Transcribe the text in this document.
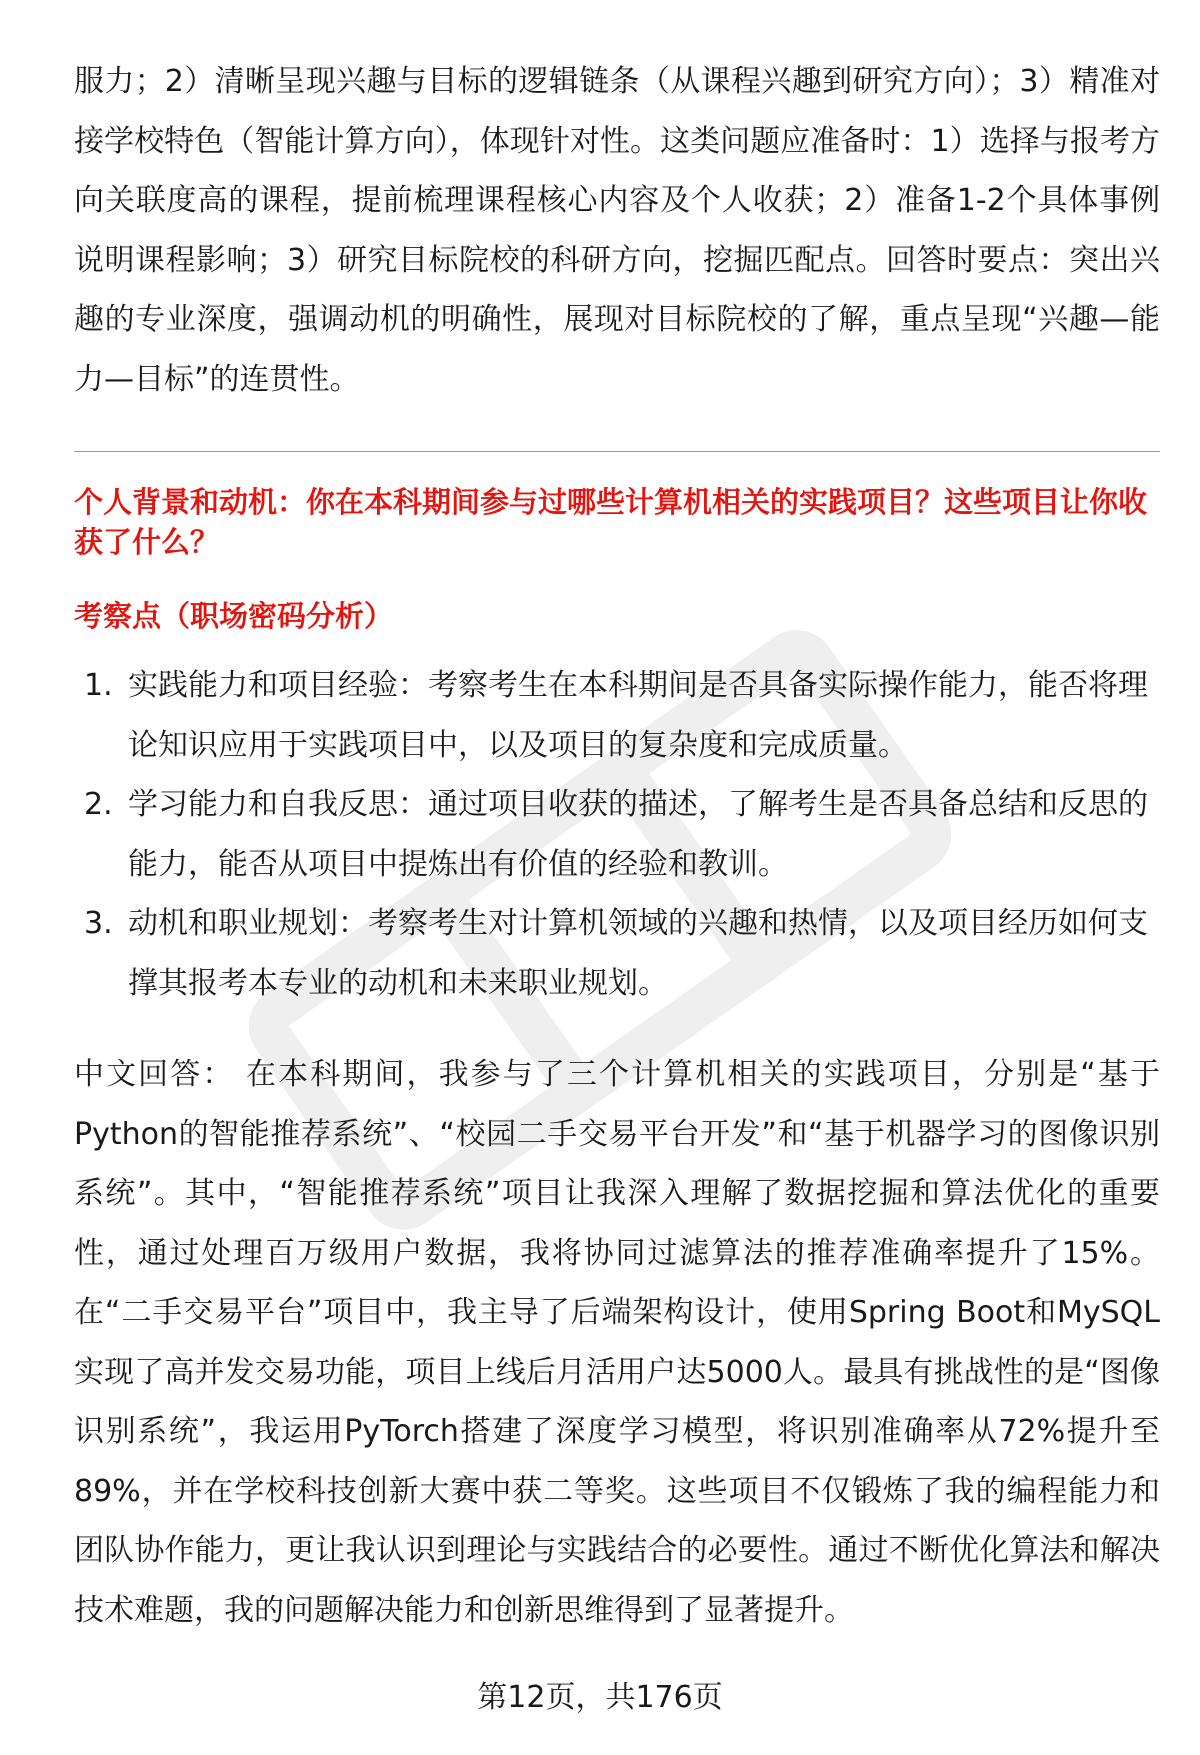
服力；2）清晰呈现兴趣与目标的逻辑链条（从课程兴趣到研究方向）；3）精准对接学校特色（智能计算方向），体现针对性。这类问题应准备时：1）选择与报考方向关联度高的课程，提前梳理课程核心内容及个人收获；2）准备1-2个具体事例说明课程影响；3）研究目标院校的科研方向，挖掘匹配点。回答时要点：突出兴趣的专业深度，强调动机的明确性，展现对目标院校的了解，重点呈现“兴趣—能力—目标”的连贯性。

个人背景和动机：你在本科期间参与过哪些计算机相关的实践项目？这些项目让你收获了什么？

考察点（职场密码分析）

1. 实践能力和项目经验：考察考生在本科期间是否具备实际操作能力，能否将理论知识应用于实践项目中，以及项目的复杂度和完成质量。
2. 学习能力和自我反思：通过项目收获的描述，了解考生是否具备总结和反思的能力，能否从项目中提炼出有价值的经验和教训。
3. 动机和职业规划：考察考生对计算机领域的兴趣和热情，以及项目经历如何支撑其报考本专业的动机和未来职业规划。

中文回答： 在本科期间，我参与了三个计算机相关的实践项目，分别是“基于Python的智能推荐系统”、“校园二手交易平台开发”和“基于机器学习的图像识别系统”。其中，“智能推荐系统”项目让我深入理解了数据挖掘和算法优化的重要性，通过处理百万级用户数据，我将协同过滤算法的推荐准确率提升了15%。在“二手交易平台”项目中，我主导了后端架构设计，使用Spring Boot和MySQL实现了高并发交易功能，项目上线后月活用户达5000人。最具有挑战性的是“图像识别系统”，我运用PyTorch搭建了深度学习模型，将识别准确率从72%提升至89%，并在学校科技创新大赛中获二等奖。这些项目不仅锻炼了我的编程能力和团队协作能力，更让我认识到理论与实践结合的必要性。通过不断优化算法和解决技术难题，我的问题解决能力和创新思维得到了显著提升。

第12页，共176页
